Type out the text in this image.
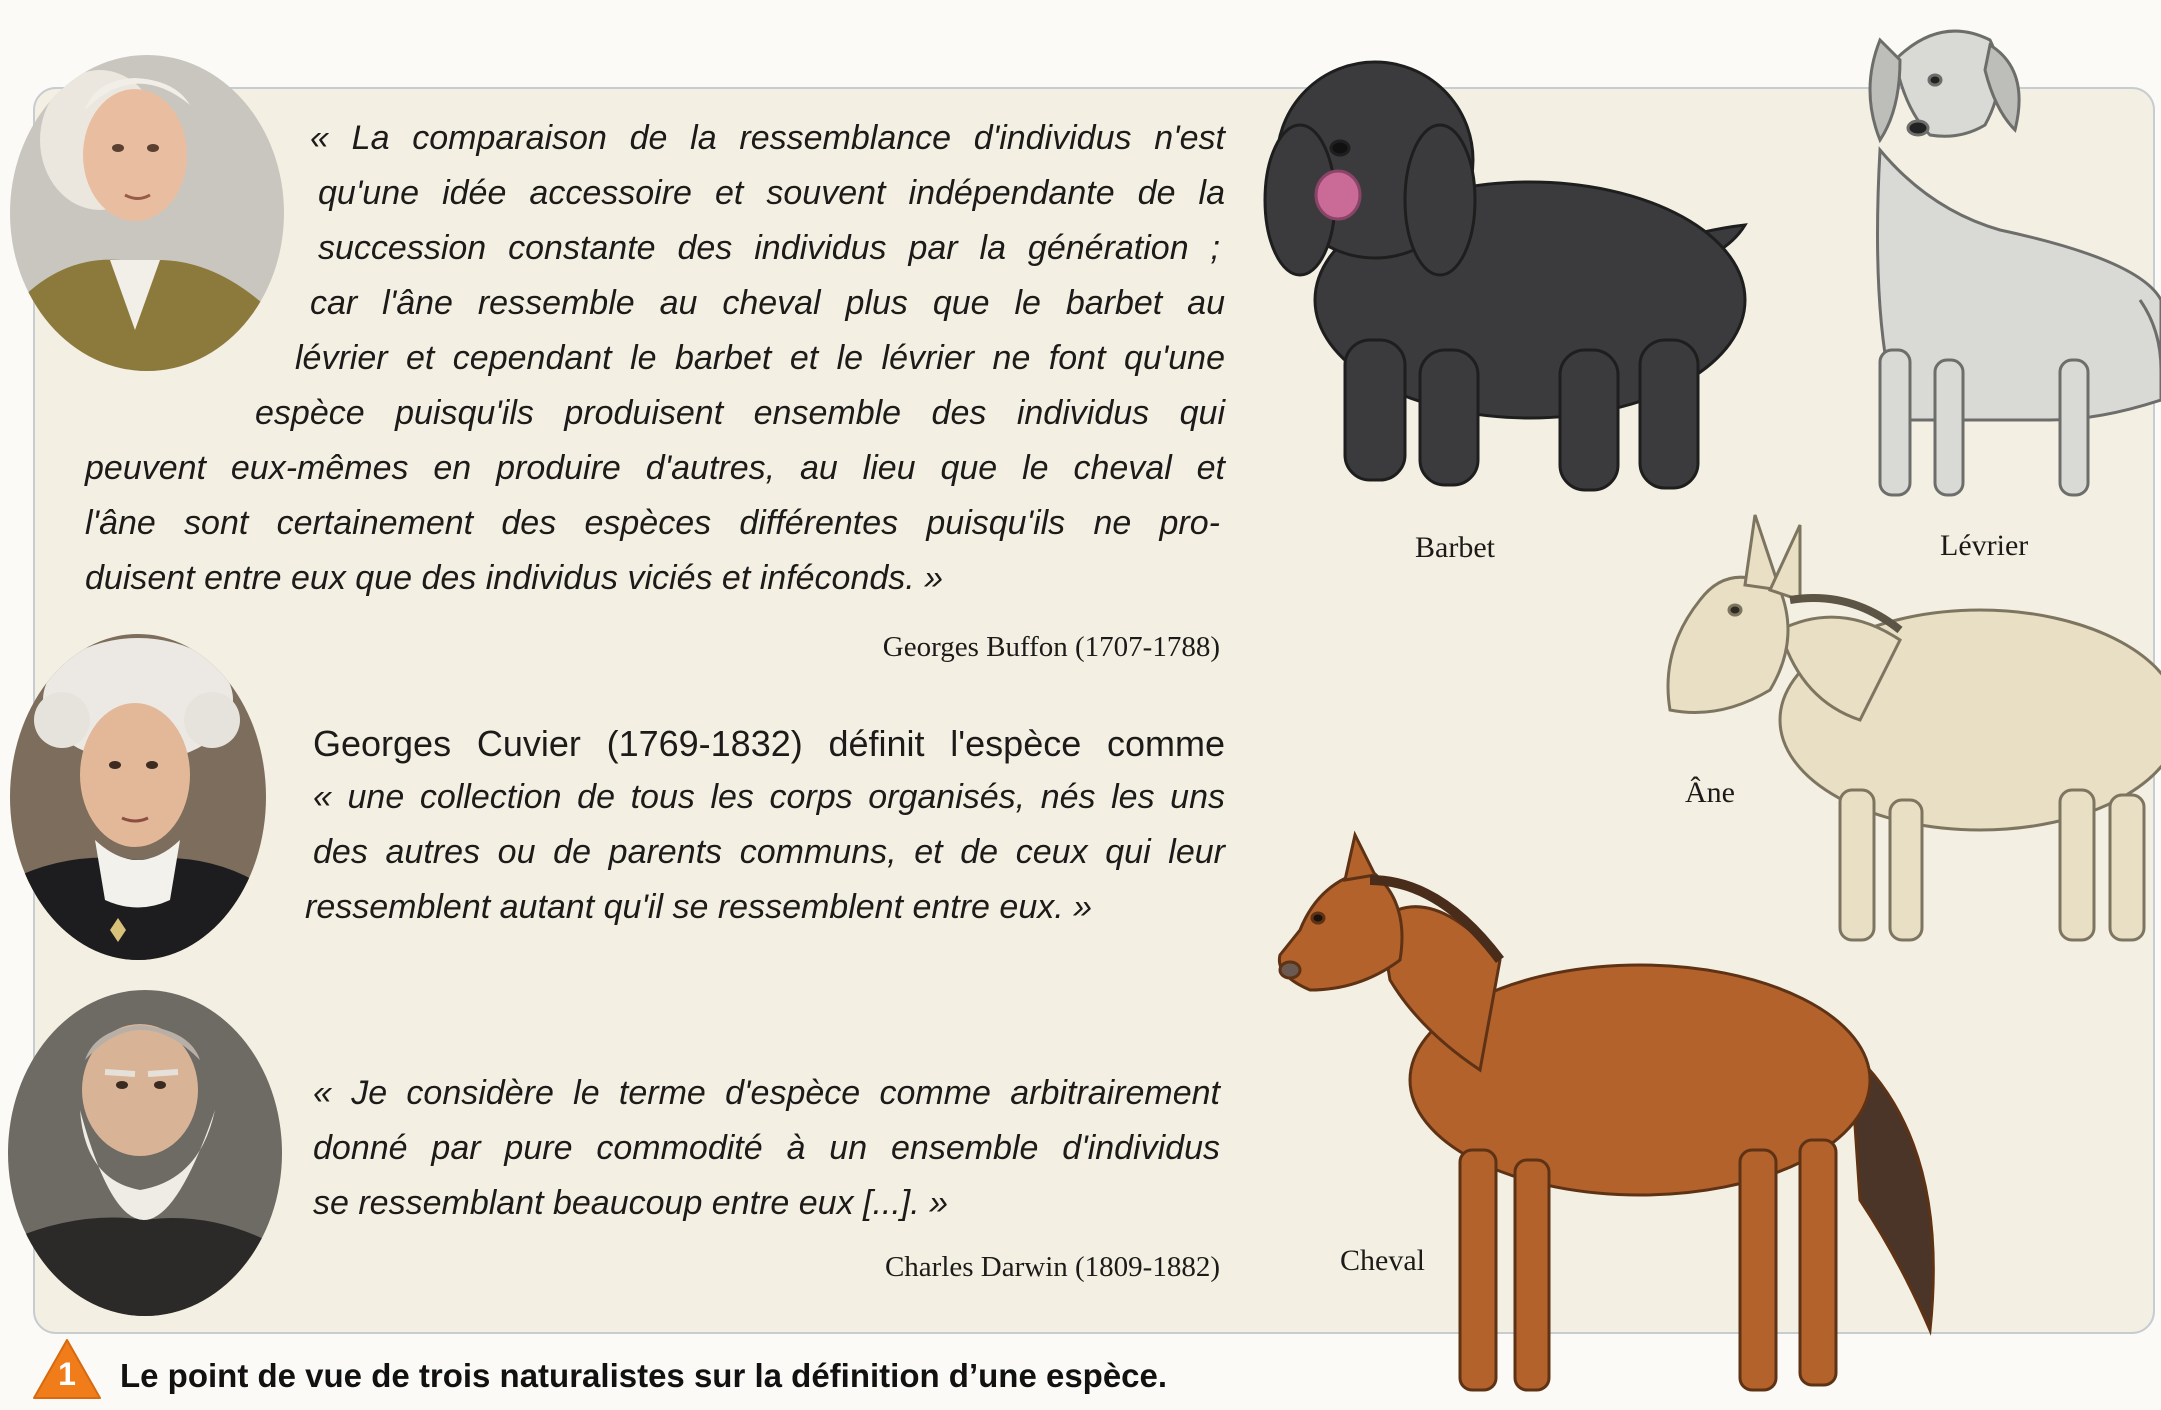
« La comparaison de la ressemblance d'individus n'est
qu'une idée accessoire et souvent indépendante de la
succession constante des individus par la génération ;
car l'âne ressemble au cheval plus que le barbet au
lévrier et cependant le barbet et le lévrier ne font qu'une
espèce puisqu'ils produisent ensemble des individus qui
peuvent eux-mêmes en produire d'autres, au lieu que le cheval et
l'âne sont certainement des espèces différentes puisqu'ils ne pro-
duisent entre eux que des individus viciés et inféconds. »
Georges Buffon (1707-1788)
Georges Cuvier (1769-1832) définit l'espèce comme
« une collection de tous les corps organisés, nés les uns
des autres ou de parents communs, et de ceux qui leur
ressemblent autant qu'il se ressemblent entre eux. »
« Je considère le terme d'espèce comme arbitrairement
donné par pure commodité à un ensemble d'individus
se ressemblant beaucoup entre eux [...]. »
Charles Darwin (1809-1882)
Barbet	Lévrier
Âne
Cheval
1	Le point de vue de trois naturalistes sur la définition d’une espèce.
